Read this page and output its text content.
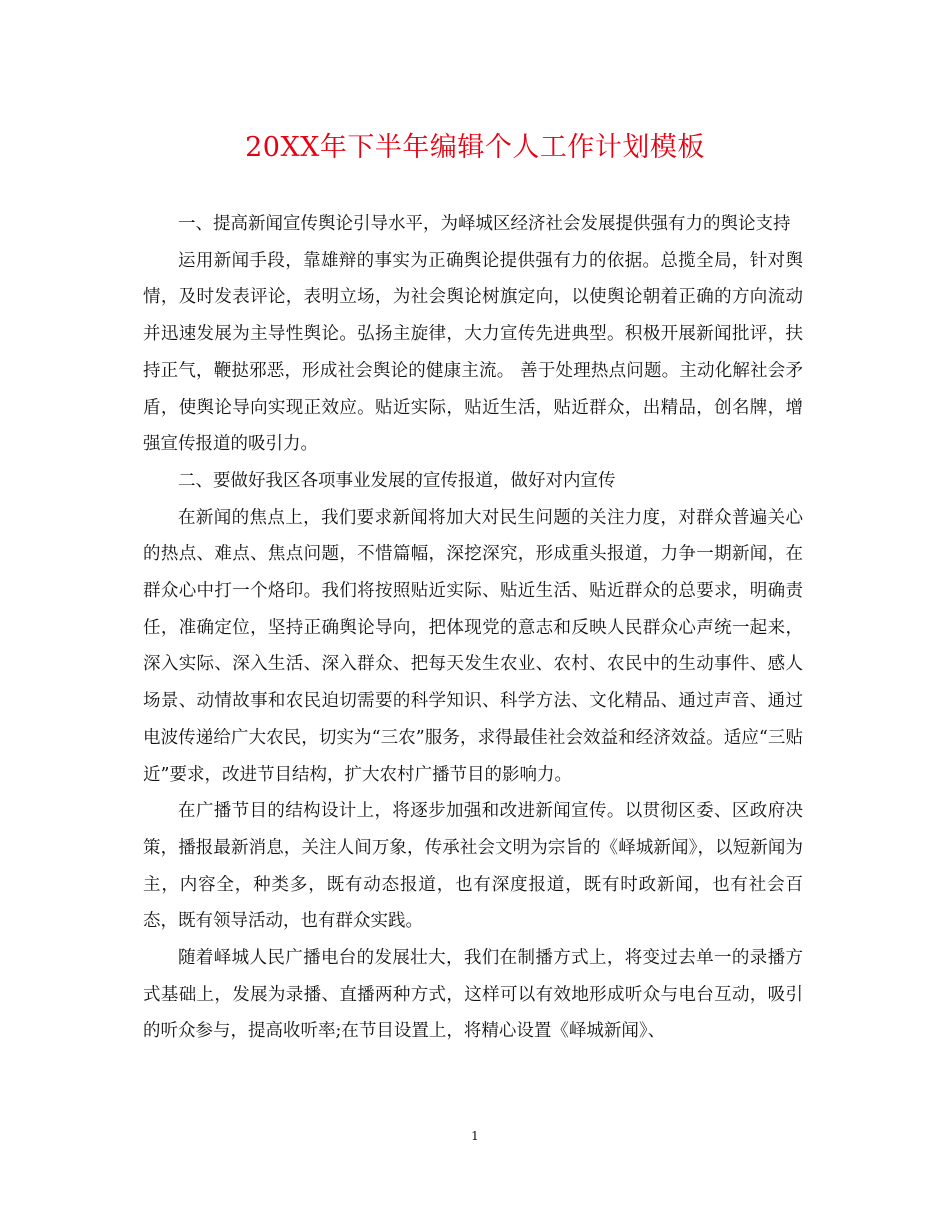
20XX年下半年编辑个人工作计划模板

一、提高新闻宣传舆论引导水平，为峄城区经济社会发展提供强有力的舆论支持

运用新闻手段，靠雄辩的事实为正确舆论提供强有力的依据。总揽全局，针对舆情，及时发表评论，表明立场，为社会舆论树旗定向，以使舆论朝着正确的方向流动并迅速发展为主导性舆论。弘扬主旋律，大力宣传先进典型。积极开展新闻批评，扶持正气，鞭挞邪恶，形成社会舆论的健康主流。 善于处理热点问题。主动化解社会矛盾，使舆论导向实现正效应。贴近实际，贴近生活，贴近群众，出精品，创名牌，增强宣传报道的吸引力。

二、要做好我区各项事业发展的宣传报道，做好对内宣传

在新闻的焦点上，我们要求新闻将加大对民生问题的关注力度，对群众普遍关心的热点、难点、焦点问题，不惜篇幅，深挖深究，形成重头报道，力争一期新闻，在群众心中打一个烙印。我们将按照贴近实际、贴近生活、贴近群众的总要求，明确责任，准确定位，坚持正确舆论导向，把体现党的意志和反映人民群众心声统一起来，深入实际、深入生活、深入群众、把每天发生农业、农村、农民中的生动事件、感人场景、动情故事和农民迫切需要的科学知识、科学方法、文化精品、通过声音、通过电波传递给广大农民，切实为“三农”服务，求得最佳社会效益和经济效益。适应“三贴近”要求，改进节目结构，扩大农村广播节目的影响力。

在广播节目的结构设计上，将逐步加强和改进新闻宣传。以贯彻区委、区政府决策，播报最新消息，关注人间万象，传承社会文明为宗旨的《峄城新闻》，以短新闻为主，内容全，种类多，既有动态报道，也有深度报道，既有时政新闻，也有社会百态，既有领导活动，也有群众实践。

随着峄城人民广播电台的发展壮大，我们在制播方式上，将变过去单一的录播方式基础上，发展为录播、直播两种方式，这样可以有效地形成听众与电台互动，吸引的听众参与，提高收听率;在节目设置上，将精心设置《峄城新闻》、

1
